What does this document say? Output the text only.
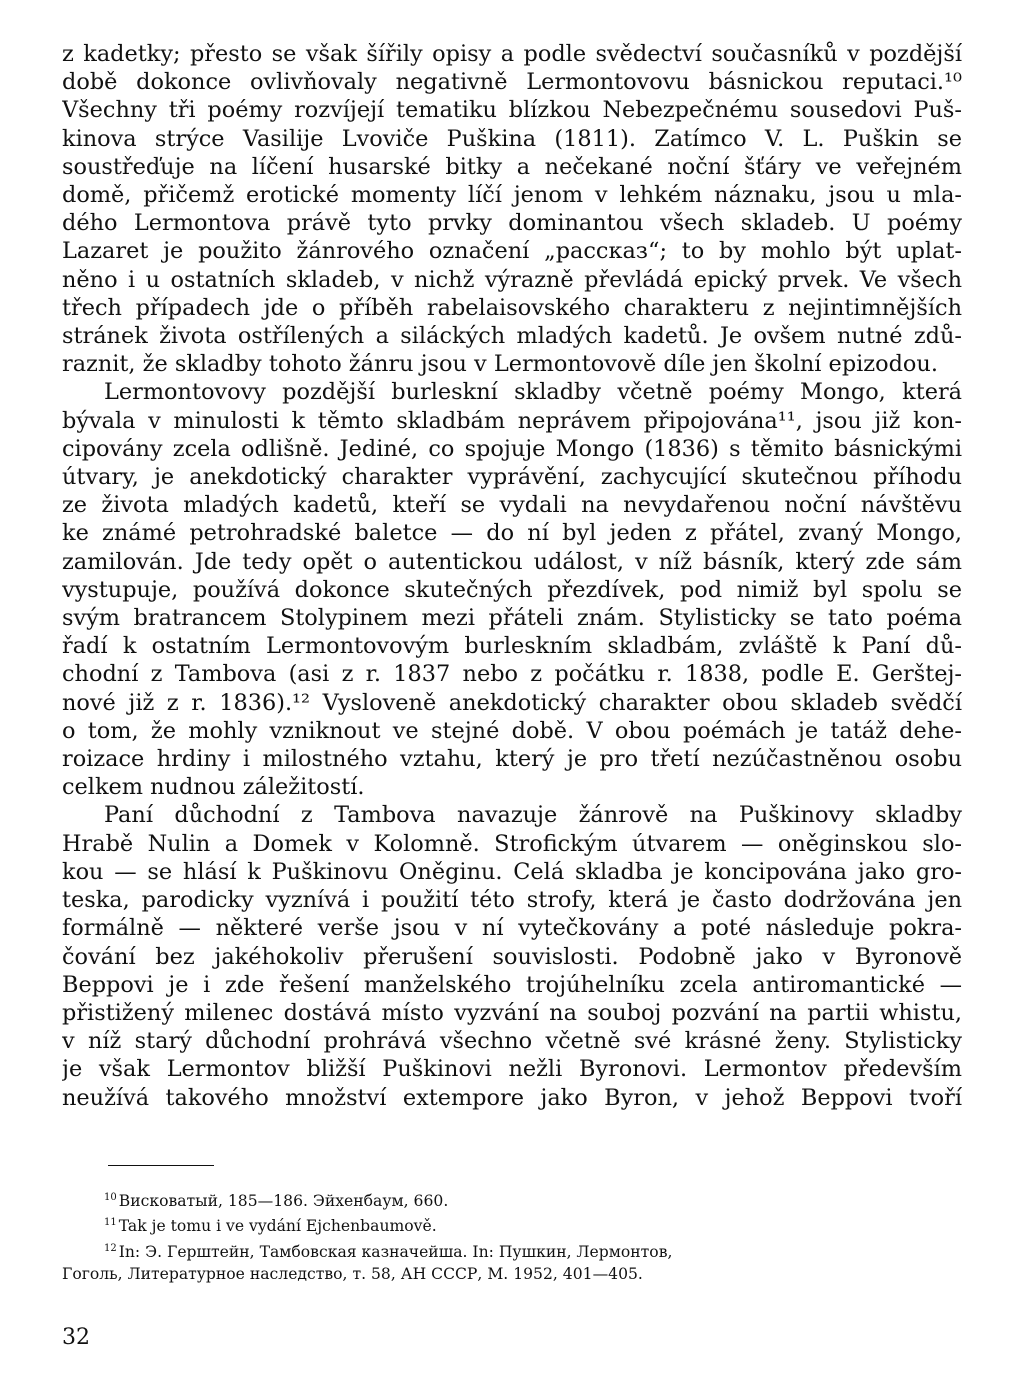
z kadetky; přesto se však šířily opisy a podle svědectví současníků v pozdější
době dokonce ovlivňovaly negativně Lermontovovu básnickou reputaci.¹⁰
Všechny tři poémy rozvíjejí tematiku blízkou Nebezpečnému sousedovi Puš-
kinova strýce Vasilije Lvoviče Puškina (1811). Zatímco V. L. Puškin se
soustřeďuje na líčení husarské bitky a nečekané noční šťáry ve veřejném
domě, přičemž erotické momenty líčí jenom v lehkém náznaku, jsou u mla-
dého Lermontova právě tyto prvky dominantou všech skladeb. U poémy
Lazaret je použito žánrového označení „рассказ“; to by mohlo být uplat-
něno i u ostatních skladeb, v nichž výrazně převládá epický prvek. Ve všech
třech případech jde o příběh rabelaisovského charakteru z nejintimnějších
stránek života ostřílených a siláckých mladých kadetů. Je ovšem nutné zdů-
raznit, že skladby tohoto žánru jsou v Lermontovově díle jen školní epizodou.
Lermontovovy pozdější burleskní skladby včetně poémy Mongo, která
bývala v minulosti k těmto skladbám neprávem připojována¹¹, jsou již kon-
cipovány zcela odlišně. Jediné, co spojuje Mongo (1836) s těmito básnickými
útvary, je anekdotický charakter vyprávění, zachycující skutečnou příhodu
ze života mladých kadetů, kteří se vydali na nevydařenou noční návštěvu
ke známé petrohradské baletce — do ní byl jeden z přátel, zvaný Mongo,
zamilován. Jde tedy opět o autentickou událost, v níž básník, který zde sám
vystupuje, používá dokonce skutečných přezdívek, pod nimiž byl spolu se
svým bratrancem Stolypinem mezi přáteli znám. Stylisticky se tato poéma
řadí k ostatním Lermontovovým burleskním skladbám, zvláště k Paní dů-
chodní z Tambova (asi z r. 1837 nebo z počátku r. 1838, podle E. Gerštej-
nové již z r. 1836).¹² Vysloveně anekdotický charakter obou skladeb svědčí
o tom, že mohly vzniknout ve stejné době. V obou poémách je tatáž dehe-
roizace hrdiny i milostného vztahu, který je pro třetí nezúčastněnou osobu
celkem nudnou záležitostí.
Paní důchodní z Tambova navazuje žánrově na Puškinovy skladby
Hrabě Nulin a Domek v Kolomně. Strofickým útvarem — oněginskou slo-
kou — se hlásí k Puškinovu Oněginu. Celá skladba je koncipována jako gro-
teska, parodicky vyznívá i použití této strofy, která je často dodržována jen
formálně — některé verše jsou v ní vytečkovány a poté následuje pokra-
čování bez jakéhokoliv přerušení souvislosti. Podobně jako v Byronově
Beppovi je i zde řešení manželského trojúhelníku zcela antiromantické —
přistižený milenec dostává místo vyzvání na souboj pozvání na partii whistu,
v níž starý důchodní prohrává všechno včetně své krásné ženy. Stylisticky
je však Lermontov bližší Puškinovi nežli Byronovi. Lermontov především
neužívá takového množství extempore jako Byron, v jehož Beppovi tvoří
$^{10}$ Висковатый, 185—186. Эйхенбаум, 660.
$^{11}$ Tak je tomu i ve vydání Ejchenbaumově.
$^{12}$ In: Э. Герштейн, Тамбовская казначейша. In: Пушкин, Лермонтов,
Гоголь, Литературное наследство, т. 58, АН СССР, М. 1952, 401—405.
32
